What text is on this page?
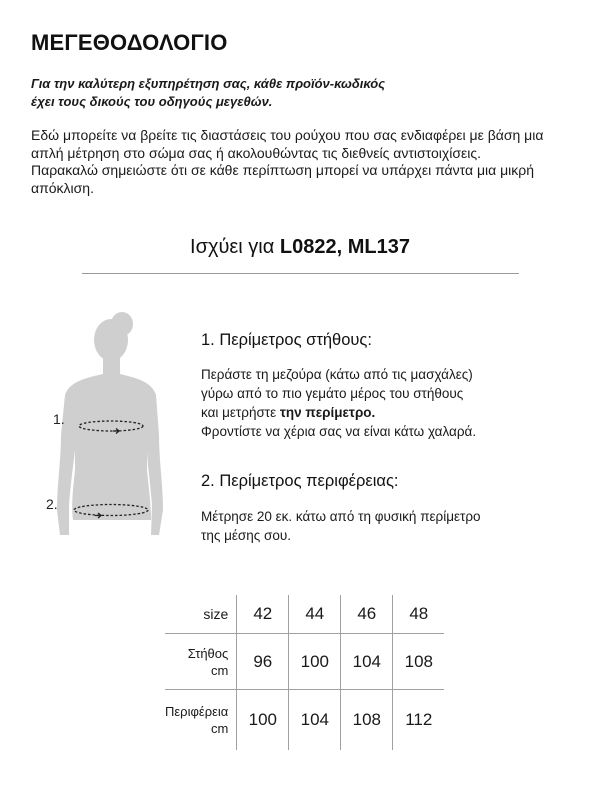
ΜΕΓΕΘΟΔΟΛΟΓΙΟ
Για την καλύτερη εξυπηρέτηση σας, κάθε προϊόν-κωδικός
έχει τους δικούς του οδηγούς μεγεθών.

Εδώ μπορείτε να βρείτε τις διαστάσεις του ρούχου που σας ενδιαφέρει με βάση μια απλή μέτρηση στο σώμα σας ή ακολουθώντας τις διεθνείς αντιστοιχίσεις.

Παρακαλώ σημειώστε ότι σε κάθε περίπτωση μπορεί να υπάρχει πάντα μια μικρή απόκλιση.

Ισχύει για L0822, ML137
1.
2.
1. Περίμετρος στήθους:
Περάστε τη μεζούρα (κάτω από τις μασχάλες)
γύρω από το πιο γεμάτο μέρος του στήθους
και μετρήστε την περίμετρο.
Φροντίστε να χέρια σας να είναι κάτω χαλαρά.
2. Περίμετρος περιφέρειας:
Μέτρησε 20 εκ. κάτω από τη φυσική περίμετρο
της μέσης σου.
size	42	44	46	48

Στήθος
cm	96	100	104	108

Περιφέρεια
cm	100	104	108	112
